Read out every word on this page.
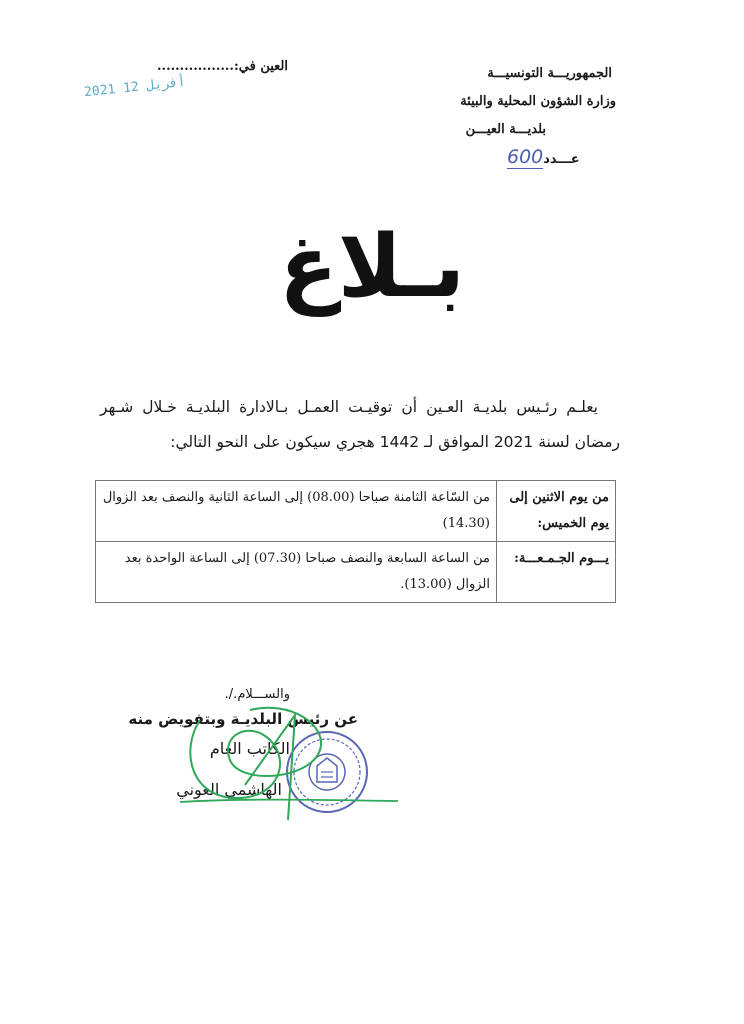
الجمهوريـــة التونسيـــة
وزارة الشؤون المحلية والبيئة
بلديـــة العيـــن
عـــدد600
العين في:.................
2021 أفريل 12
بـلاغ
يعلـم رئـيس بلديـة العـين أن توقيـت العمـل بـالادارة البلديـة خـلال شـهر
رمضان لسنة 2021 الموافق لـ 1442 هجري سيكون على النحو التالي:
من يوم الاثنين إلى يوم الخميس:	من السّاعة الثامنة صباحا (08.00) إلى الساعة الثانية والنصف بعد الزوال (14.30)
يـــوم الجـمـعـــة:	من الساعة السابعة والنصف صباحا (07.30) إلى الساعة الواحدة بعد الزوال (13.00).
والســـلام./.
عن رئيس البلديـة وبتفويض منه
الكاتب العام
الهاشمي العوني
